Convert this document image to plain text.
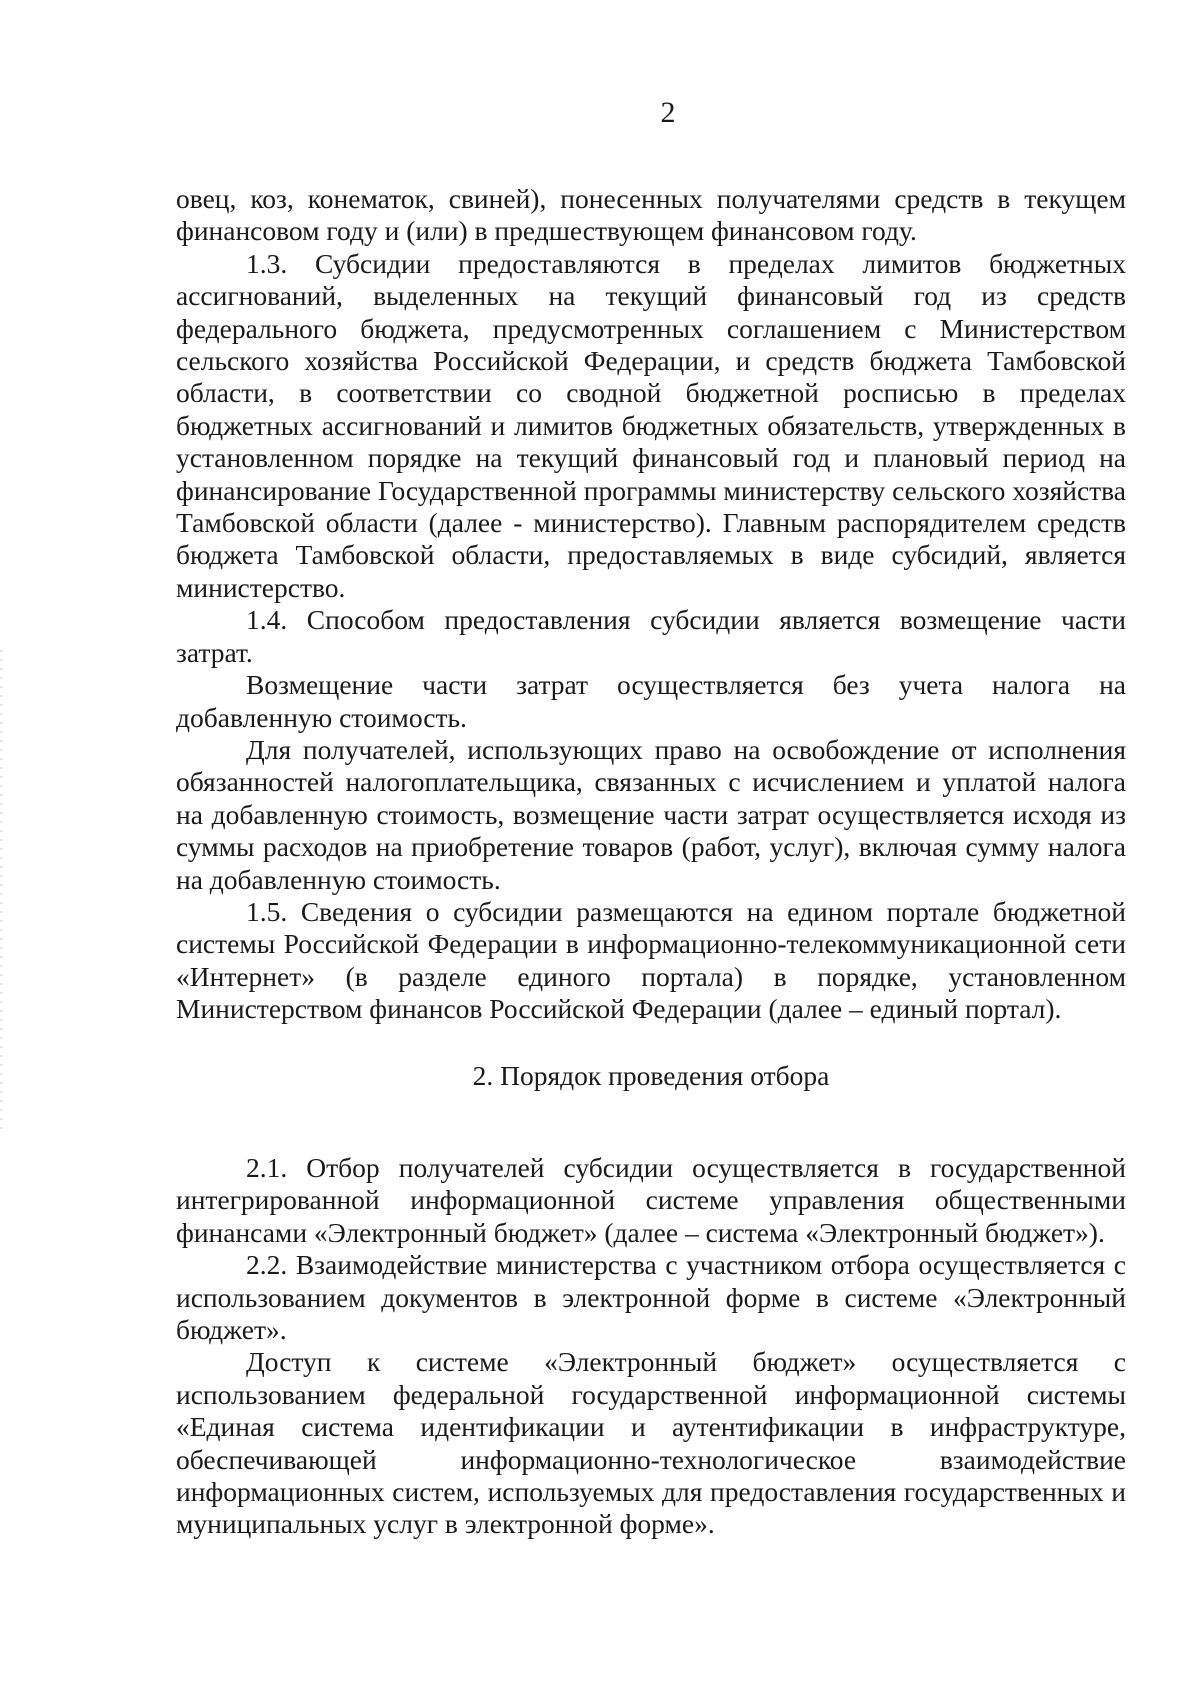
2

овец, коз, конематок, свиней), понесенных получателями средств в текущем финансовом году и (или) в предшествующем финансовом году.

1.3. Субсидии предоставляются в пределах лимитов бюджетных ассигнований, выделенных на текущий финансовый год из средств федерального бюджета, предусмотренных соглашением с Министерством сельского хозяйства Российской Федерации, и средств бюджета Тамбовской области, в соответствии со сводной бюджетной росписью в пределах бюджетных ассигнований и лимитов бюджетных обязательств, утвержденных в установленном порядке на текущий финансовый год и плановый период на финансирование Государственной программы министерству сельского хозяйства Тамбовской области (далее - министерство). Главным распорядителем средств бюджета Тамбовской области, предоставляемых в виде субсидий, является министерство.

1.4. Способом предоставления субсидии является возмещение части затрат.

Возмещение части затрат осуществляется без учета налога на добавленную стоимость.

Для получателей, использующих право на освобождение от исполнения обязанностей налогоплательщика, связанных с исчислением и уплатой налога на добавленную стоимость, возмещение части затрат осуществляется исходя из суммы расходов на приобретение товаров (работ, услуг), включая сумму налога на добавленную стоимость.

1.5. Сведения о субсидии размещаются на едином портале бюджетной системы Российской Федерации в информационно-телекоммуникационной сети «Интернет» (в разделе единого портала) в порядке, установленном Министерством финансов Российской Федерации (далее – единый портал).

2. Порядок проведения отбора

2.1. Отбор получателей субсидии осуществляется в государственной интегрированной информационной системе управления общественными финансами «Электронный бюджет» (далее – система «Электронный бюджет»).

2.2. Взаимодействие министерства с участником отбора осуществляется с использованием документов в электронной форме в системе «Электронный бюджет».

Доступ к системе «Электронный бюджет» осуществляется с использованием федеральной государственной информационной системы «Единая система идентификации и аутентификации в инфраструктуре, обеспечивающей информационно-технологическое взаимодействие информационных систем, используемых для предоставления государственных и муниципальных услуг в электронной форме».
